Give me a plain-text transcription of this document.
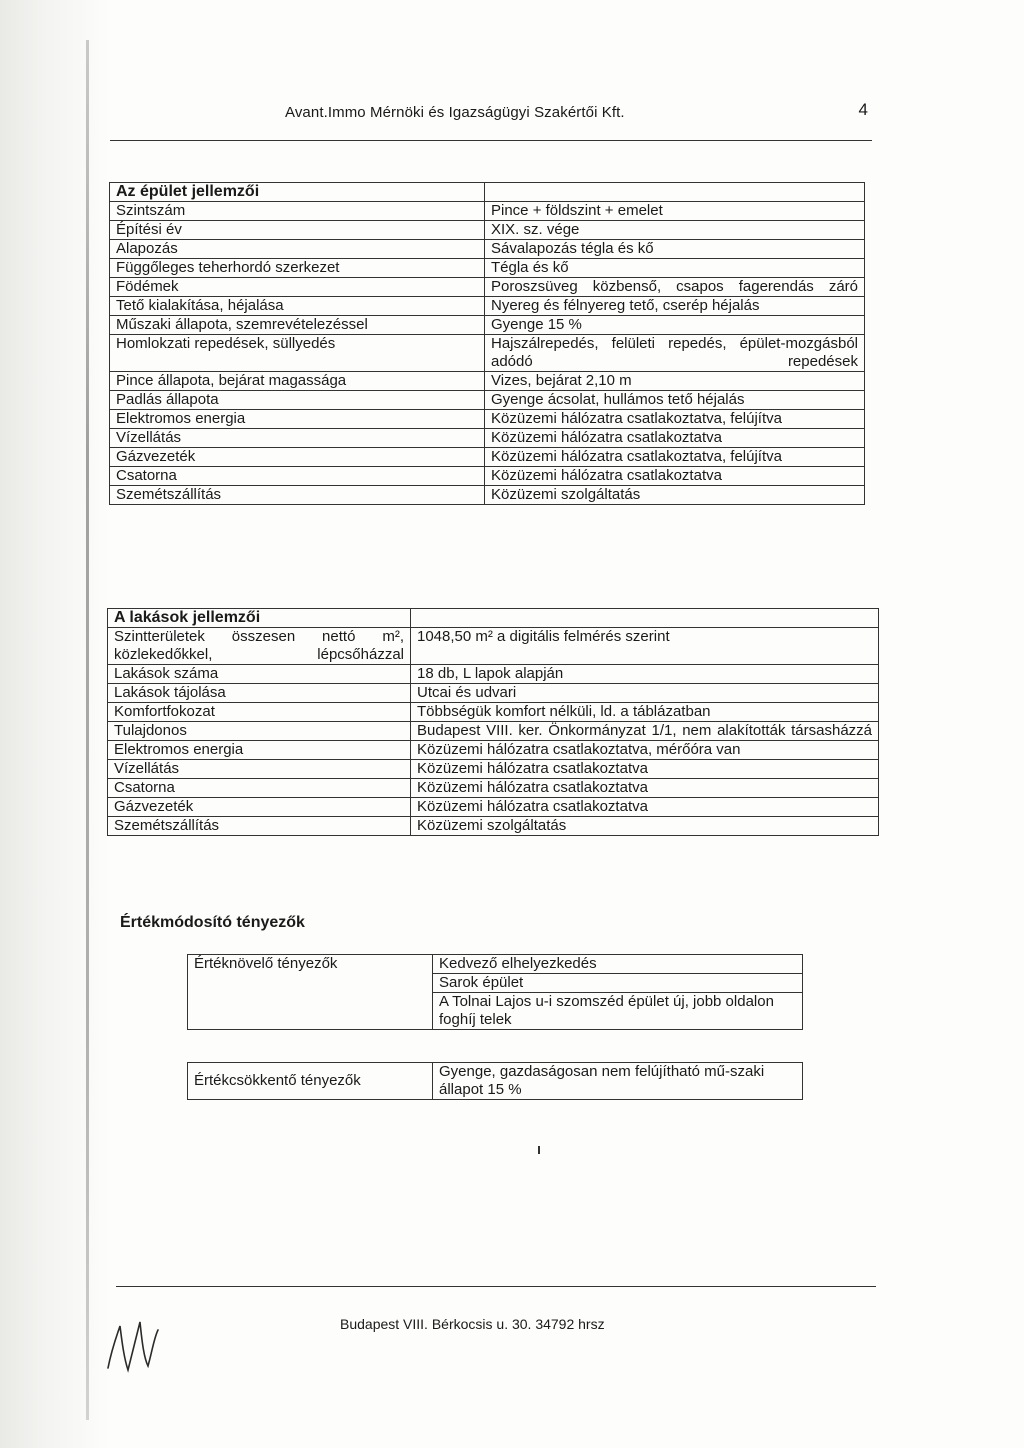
Avant.Immo Mérnöki és Igazságügyi Szakértői Kft.	4
Az épület jellemzői	
Szintszám	Pince + földszint + emelet
Építési év	XIX. sz. vége
Alapozás	Sávalapozás tégla és kő
Függőleges teherhordó szerkezet	Tégla és kő
Födémek	Poroszsüveg közbenső, csapos fagerendás záró
Tető kialakítása, héjalása	Nyereg és félnyereg tető, cserép héjalás
Műszaki állapota, szemrevételezéssel	Gyenge 15 %
Homlokzati repedések, süllyedés	Hajszálrepedés, felületi repedés, épület-mozgásból adódó repedések
Pince állapota, bejárat magassága	Vizes, bejárat 2,10 m
Padlás állapota	Gyenge ácsolat, hullámos tető héjalás
Elektromos energia	Közüzemi hálózatra csatlakoztatva, felújítva
Vízellátás	Közüzemi hálózatra csatlakoztatva
Gázvezeték	Közüzemi hálózatra csatlakoztatva, felújítva
Csatorna	Közüzemi hálózatra csatlakoztatva
Szemétszállítás	Közüzemi szolgáltatás
A lakások jellemzői	
Szintterületek összesen nettó m², közlekedőkkel, lépcsőházzal	1048,50 m² a digitális felmérés szerint
Lakások száma	18 db, L lapok alapján
Lakások tájolása	Utcai és udvari
Komfortfokozat	Többségük komfort nélküli, ld. a táblázatban
Tulajdonos	Budapest VIII. ker. Önkormányzat 1/1, nem alakították társasházzá
Elektromos energia	Közüzemi hálózatra csatlakoztatva, mérőóra van
Vízellátás	Közüzemi hálózatra csatlakoztatva
Csatorna	Közüzemi hálózatra csatlakoztatva
Gázvezeték	Közüzemi hálózatra csatlakoztatva
Szemétszállítás	Közüzemi szolgáltatás
Értékmódosító tényezők
Értéknövelő tényezők	Kedvező elhelyezkedés
Sarok épület
A Tolnai Lajos u-i szomszéd épület új, jobb oldalon foghíj telek
Értékcsökkentő tényezők	Gyenge, gazdaságosan nem felújítható mű-szaki állapot 15 %
Budapest VIII. Bérkocsis u. 30. 34792 hrsz
